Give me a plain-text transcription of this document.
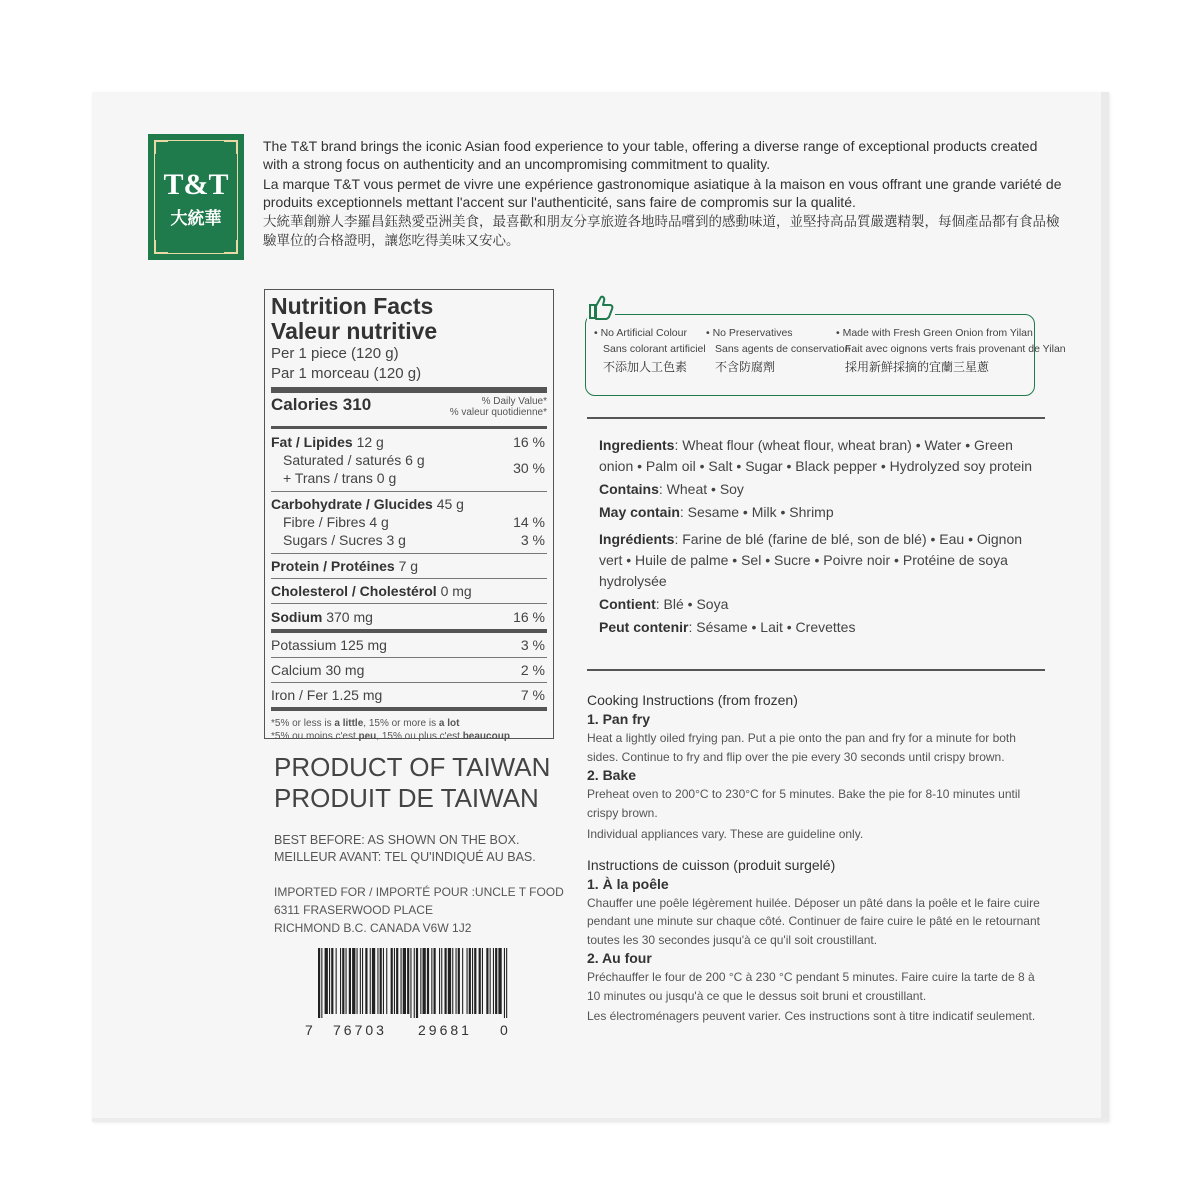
T&T
大統華

The T&T brand brings the iconic Asian food experience to your table, offering a diverse range of exceptional products created with a strong focus on authenticity and an uncompromising commitment to quality.

La marque T&T vous permet de vivre une expérience gastronomique asiatique à la maison en vous offrant une grande variété de produits exceptionnels mettant l'accent sur l'authenticité, sans faire de compromis sur la qualité.

大統華創辦人李羅昌鈺熱愛亞洲美食，最喜歡和朋友分享旅遊各地時品嚐到的感動味道，並堅持高品質嚴選精製，每個產品都有食品檢驗單位的合格證明，讓您吃得美味又安心。

Nutrition Facts
Valeur nutritive
Per 1 piece (120 g)
Par 1 morceau (120 g)
Calories 310	% Daily Value*
% valeur quotidienne*
Fat / Lipides 12 g	16 %
Saturated / saturés 6 g	30 %
+ Trans / trans 0 g
Carbohydrate / Glucides 45 g
Fibre / Fibres 4 g	14 %
Sugars / Sucres 3 g	3 %
Protein / Protéines 7 g
Cholesterol / Cholestérol 0 mg
Sodium 370 mg	16 %
Potassium 125 mg	3 %
Calcium 30 mg	2 %
Iron / Fer 1.25 mg	7 %
*5% or less is a little, 15% or more is a lot
*5% ou moins c'est peu, 15% ou plus c'est beaucoup
PRODUCT OF TAIWAN
PRODUIT DE TAIWAN
BEST BEFORE: AS SHOWN ON THE BOX.
MEILLEUR AVANT: TEL QU'INDIQUÉ AU BAS.
IMPORTED FOR / IMPORTÉ POUR :UNCLE T FOOD
6311 FRASERWOOD PLACE
RICHMOND B.C. CANADA V6W 1J2
7 76703 29681 0
• No Artificial Colour
Sans colorant artificiel
不添加人工色素
• No Preservatives
Sans agents de conservation
不含防腐劑
• Made with Fresh Green Onion from Yilan
Fait avec oignons verts frais provenant de Yilan
採用新鮮採摘的宜蘭三星蔥

Ingredients: Wheat flour (wheat flour, wheat bran) • Water • Green onion • Palm oil • Salt • Sugar • Black pepper • Hydrolyzed soy protein

Contains: Wheat • Soy

May contain: Sesame • Milk • Shrimp

Ingrédients: Farine de blé (farine de blé, son de blé) • Eau • Oignon vert • Huile de palme • Sel • Sucre • Poivre noir • Protéine de soya hydrolysée

Contient: Blé • Soya

Peut contenir: Sésame • Lait • Crevettes

Cooking Instructions (from frozen)
1. Pan fry

Heat a lightly oiled frying pan. Put a pie onto the pan and fry for a minute for both sides. Continue to fry and flip over the pie every 30 seconds until crispy brown.

2. Bake

Preheat oven to 200°C to 230°C for 5 minutes. Bake the pie for 8-10 minutes until crispy brown.

Individual appliances vary. These are guideline only.

Instructions de cuisson (produit surgelé)
1. À la poêle

Chauffer une poêle légèrement huilée. Déposer un pâté dans la poêle et le faire cuire pendant une minute sur chaque côté. Continuer de faire cuire le pâté en le retournant toutes les 30 secondes jusqu'à ce qu'il soit croustillant.

2. Au four

Préchauffer le four de 200 °C à 230 °C pendant 5 minutes. Faire cuire la tarte de 8 à 10 minutes ou jusqu'à ce que le dessus soit bruni et croustillant.

Les électroménagers peuvent varier. Ces instructions sont à titre indicatif seulement.
